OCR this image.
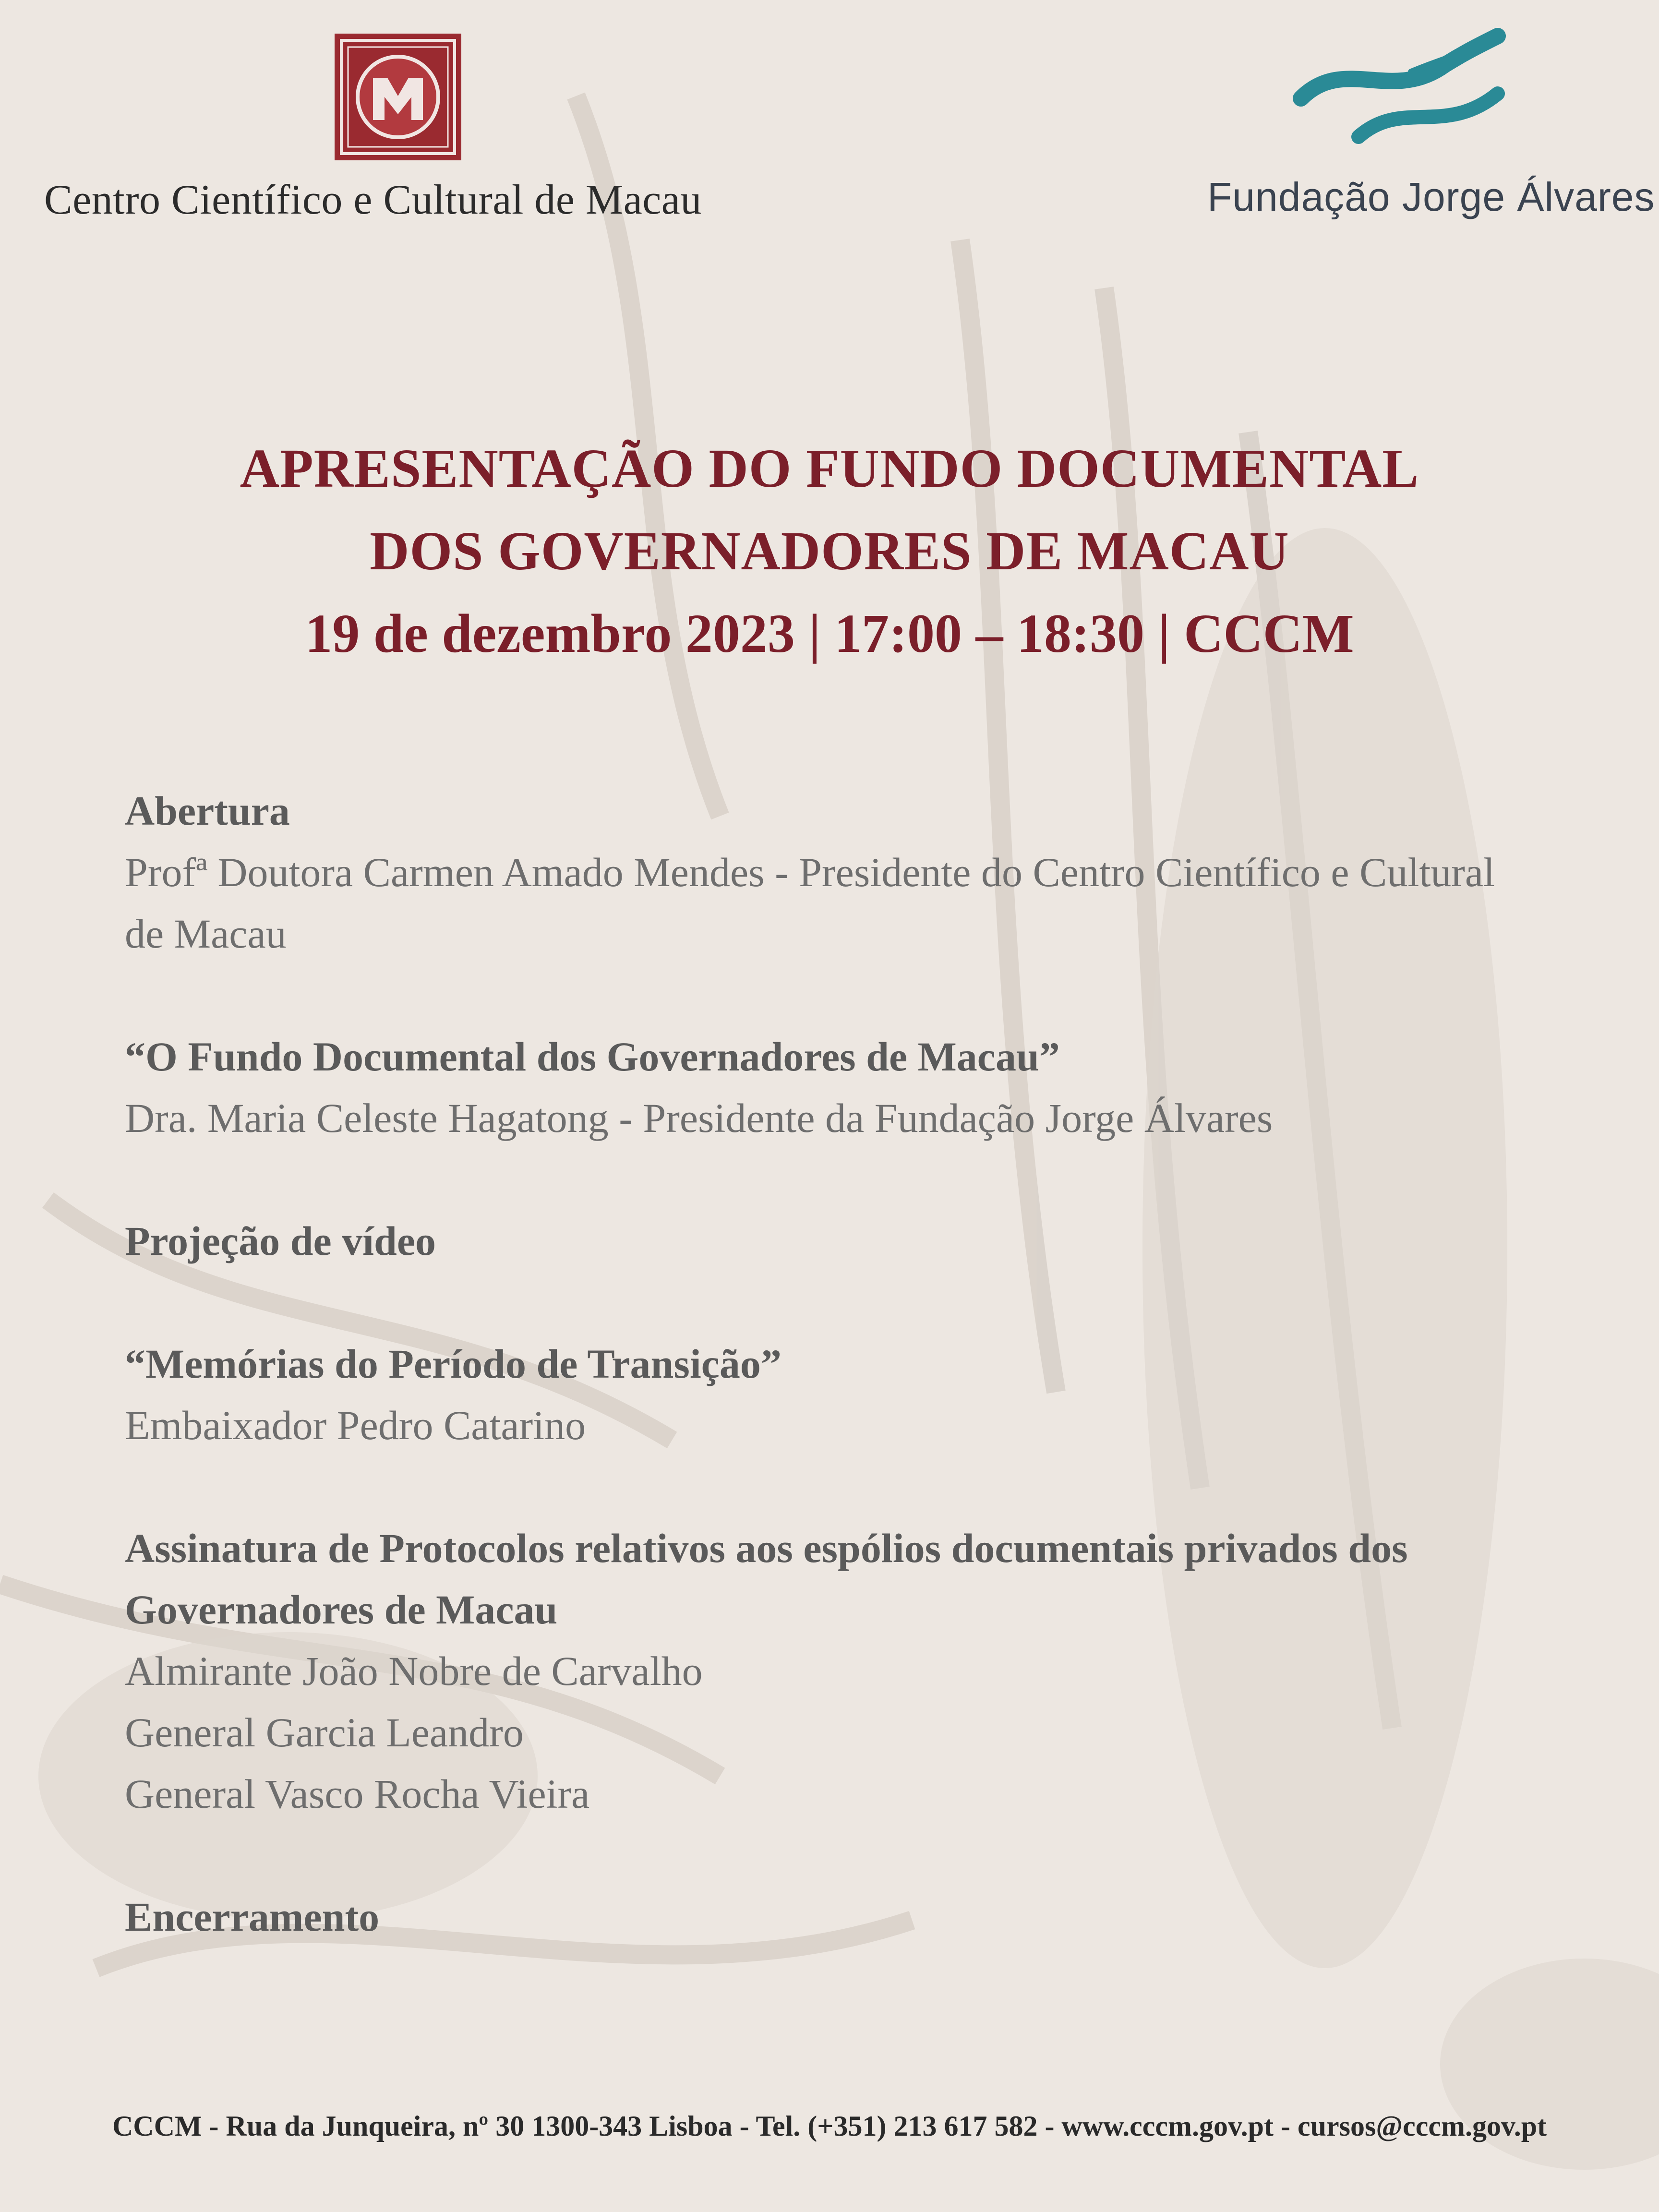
Centro Científico e Cultural de Macau	Fundação Jorge Álvares
APRESENTAÇÃO DO FUNDO DOCUMENTAL
DOS GOVERNADORES DE MACAU
19 de dezembro 2023 | 17:00 – 18:30 | CCCM
Abertura
Profª Doutora Carmen Amado Mendes - Presidente do Centro Científico e Cultural
de Macau
“O Fundo Documental dos Governadores de Macau”
Dra. Maria Celeste Hagatong - Presidente da Fundação Jorge Álvares
Projeção de vídeo
“Memórias do Período de Transição”
Embaixador Pedro Catarino
Assinatura de Protocolos relativos aos espólios documentais privados dos
Governadores de Macau
Almirante João Nobre de Carvalho
General Garcia Leandro
General Vasco Rocha Vieira
Encerramento
CCCM - Rua da Junqueira, nº 30 1300-343 Lisboa - Tel. (+351) 213 617 582 - www.cccm.gov.pt - cursos@cccm.gov.pt
